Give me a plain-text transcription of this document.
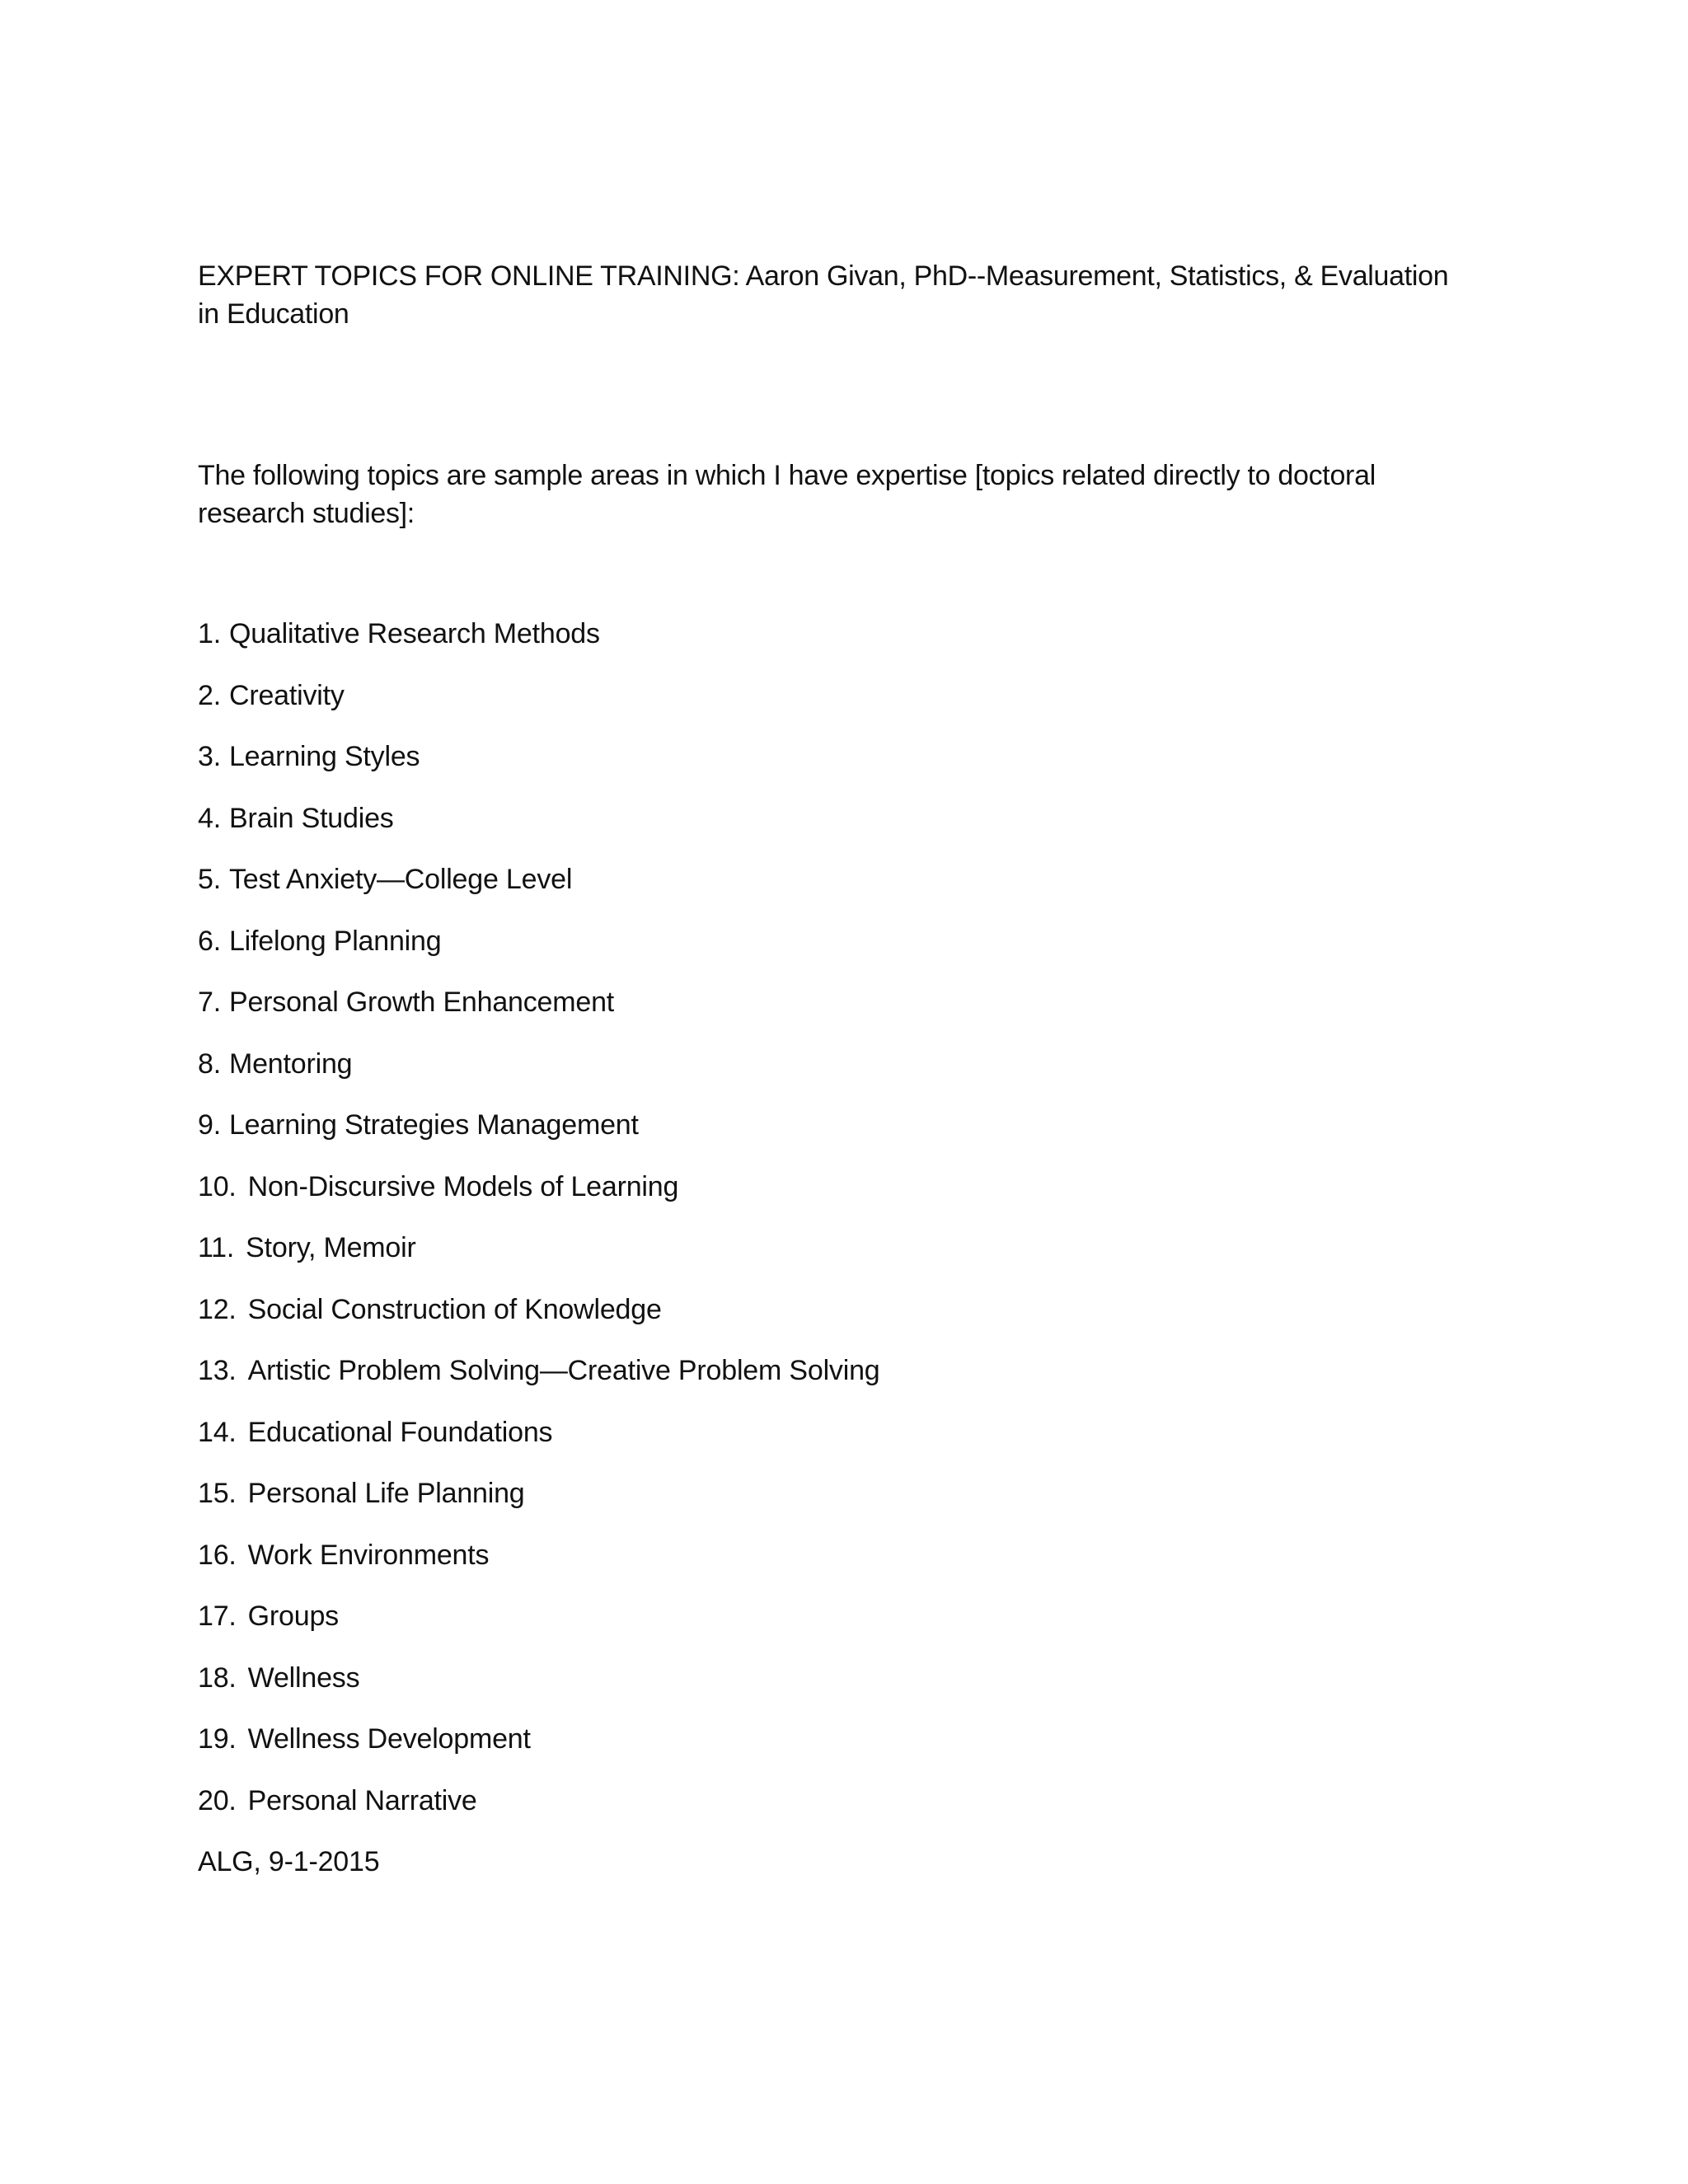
EXPERT TOPICS FOR ONLINE TRAINING: Aaron Givan, PhD--Measurement, Statistics, & Evaluation in Education

The following topics are sample areas in which I have expertise [topics related directly to doctoral research studies]:

1. Qualitative Research Methods
2. Creativity
3. Learning Styles
4. Brain Studies
5. Test Anxiety—College Level
6. Lifelong Planning
7. Personal Growth Enhancement
8. Mentoring
9. Learning Strategies Management
10. Non-Discursive Models of Learning
11. Story, Memoir
12. Social Construction of Knowledge
13. Artistic Problem Solving—Creative Problem Solving
14. Educational Foundations
15. Personal Life Planning
16. Work Environments
17. Groups
18. Wellness
19. Wellness Development
20. Personal Narrative

ALG, 9-1-2015
